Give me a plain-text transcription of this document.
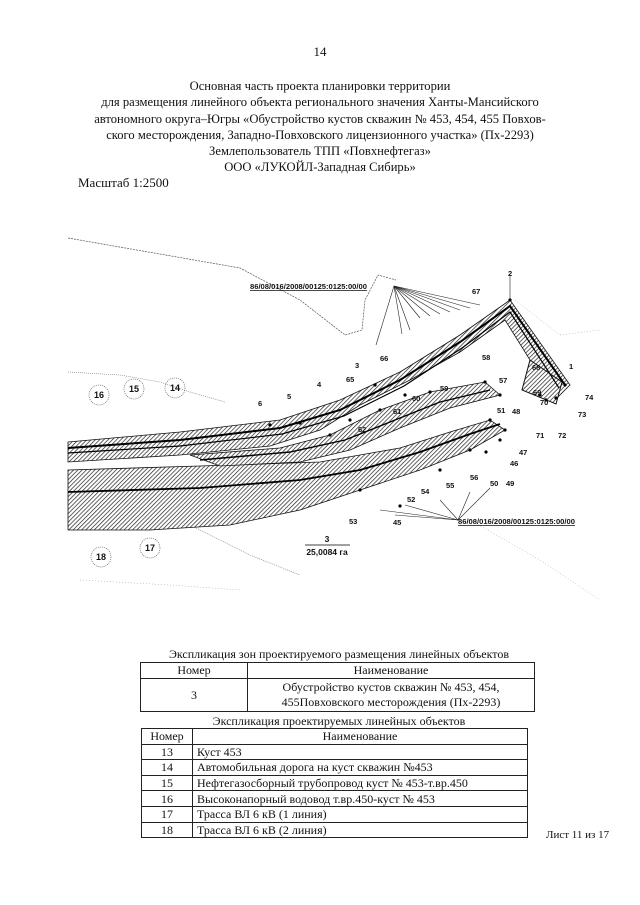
14
Основная часть проекта планировки территории
для размещения линейного объекта регионального значения Ханты-Мансийского
автономного округа–Югры «Обустройство кустов скважин № 453, 454, 455 Повхов-
ского месторождения, Западно-Повховского лицензионного участка» (Пх-2293)
Землепользователь ТПП «Повхнефтегаз»
ООО «ЛУКОЙЛ-Западная Сибирь»
Масштаб 1:2500
86/08/016/2008/00125:0125:00/00
86/08/016/2008/00125:0125:00/00
3
25,0084 га
16
15	14
18
17
2
67
1
68
74
73
72
71
69
70
66
3
65
4
58
57
5
6
61
60
59
62
51 48
47
46
56
50 49
55
54
52
53	45
Экспликация зон проектируемого размещения линейных объектов
Номер	Наименование
3	Обустройство кустов скважин № 453, 454,
455Повховского месторождения (Пх-2293)
Экспликация проектируемых линейных объектов
Номер	Наименование
13	Куст 453
14	Автомобильная дорога на куст скважин №453
15	Нефтегазосборный трубопровод куст № 453-т.вр.450
16	Высоконапорный водовод т.вр.450-куст № 453
17	Трасса ВЛ 6 кВ (1 линия)
18	Трасса ВЛ 6 кВ (2 линия)	Лист 11 из 17
